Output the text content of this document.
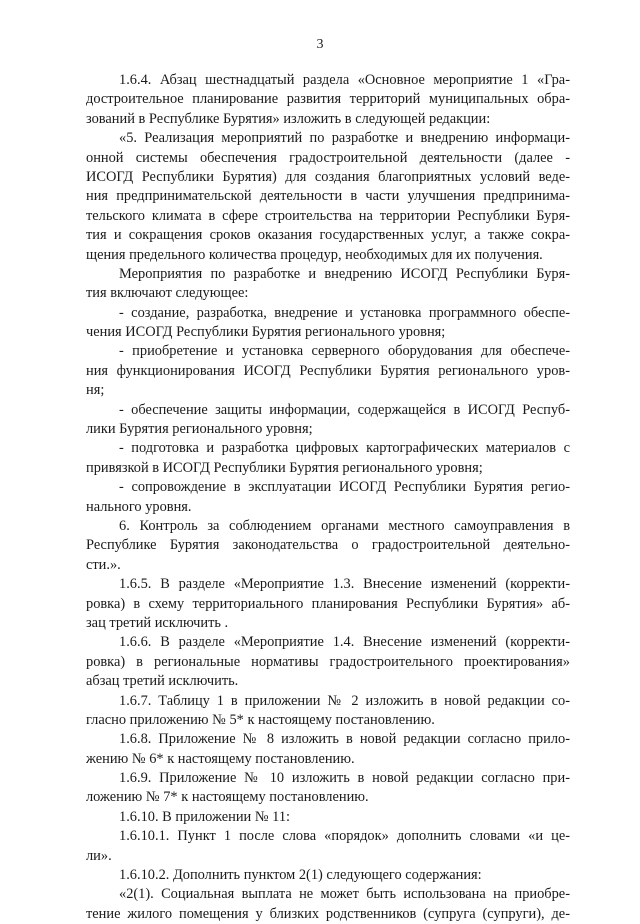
3
1.6.4. Абзац шестнадцатый раздела «Основное мероприятие 1 «Гра-
достроительное планирование развития территорий муниципальных обра-
зований в Республике Бурятия» изложить в следующей редакции:
«5. Реализация мероприятий по разработке и внедрению информаци-
онной системы обеспечения градостроительной деятельности (далее -
ИСОГД Республики Бурятия) для создания благоприятных условий веде-
ния предпринимательской деятельности в части улучшения предпринима-
тельского климата в сфере строительства на территории Республики Буря-
тия и сокращения сроков оказания государственных услуг, а также сокра-
щения предельного количества процедур, необходимых для их получения.
Мероприятия по разработке и внедрению ИСОГД Республики Буря-
тия включают следующее:
- создание, разработка, внедрение и установка программного обеспе-
чения ИСОГД Республики Бурятия регионального уровня;
- приобретение и установка серверного оборудования для обеспече-
ния функционирования ИСОГД Республики Бурятия регионального уров-
ня;
- обеспечение защиты информации, содержащейся в ИСОГД Респуб-
лики Бурятия регионального уровня;
- подготовка и разработка цифровых картографических материалов с
привязкой в ИСОГД Республики Бурятия регионального уровня;
- сопровождение в эксплуатации ИСОГД Республики Бурятия регио-
нального уровня.
6. Контроль за соблюдением органами местного самоуправления в
Республике Бурятия законодательства о градостроительной деятельно-
сти.».
1.6.5. В разделе «Мероприятие 1.3. Внесение изменений (корректи-
ровка) в схему территориального планирования Республики Бурятия» аб-
зац третий исключить .
1.6.6. В разделе «Мероприятие 1.4. Внесение изменений (корректи-
ровка) в региональные нормативы градостроительного проектирования»
абзац третий исключить.
1.6.7. Таблицу 1 в приложении № 2 изложить в новой редакции со-
гласно приложению № 5* к настоящему постановлению.
1.6.8. Приложение № 8 изложить в новой редакции согласно прило-
жению № 6* к настоящему постановлению.
1.6.9. Приложение № 10 изложить в новой редакции согласно при-
ложению № 7* к настоящему постановлению.
1.6.10. В приложении № 11:
1.6.10.1. Пункт 1 после слова «порядок» дополнить словами «и це-
ли».
1.6.10.2. Дополнить пунктом 2(1) следующего содержания:
«2(1). Социальная выплата не может быть использована на приобре-
тение жилого помещения у близких родственников (супруга (супруги), де-
